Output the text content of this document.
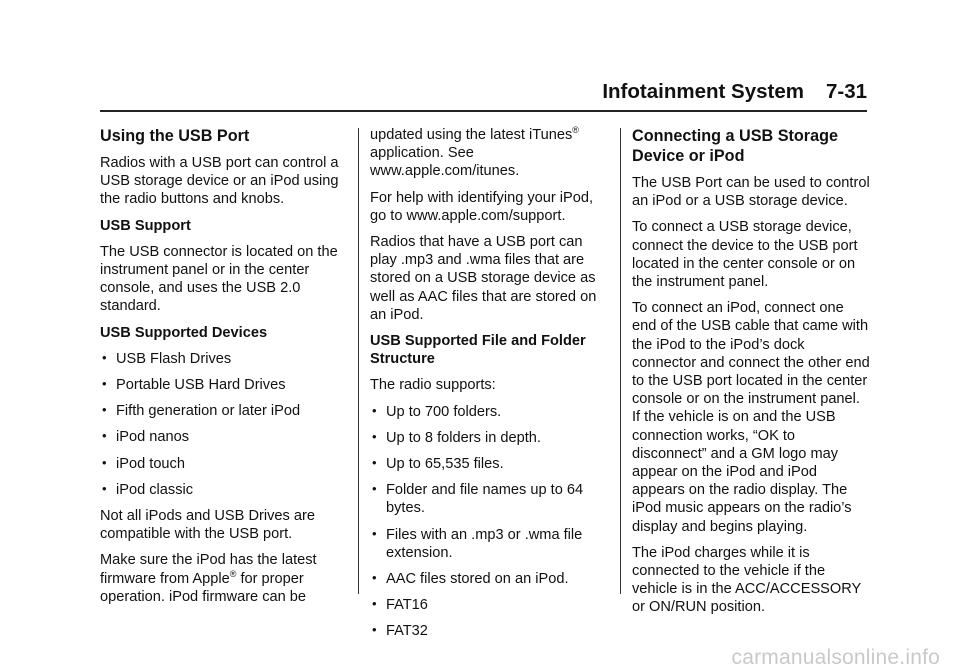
Infotainment System 7-31
Using the USB Port

Radios with a USB port can control a USB storage device or an iPod using the radio buttons and knobs.

USB Support

The USB connector is located on the instrument panel or in the center console, and uses the USB 2.0 standard.

USB Supported Devices

• USB Flash Drives
• Portable USB Hard Drives
• Fifth generation or later iPod
• iPod nanos
• iPod touch
• iPod classic

Not all iPods and USB Drives are compatible with the USB port.

Make sure the iPod has the latest firmware from Apple® for proper operation. iPod firmware can be

updated using the latest iTunes® application. See www.apple.com/itunes.

For help with identifying your iPod, go to www.apple.com/support.

Radios that have a USB port can play .mp3 and .wma files that are stored on a USB storage device as well as AAC files that are stored on an iPod.

USB Supported File and Folder Structure

The radio supports:

• Up to 700 folders.
• Up to 8 folders in depth.
• Up to 65,535 files.
• Folder and file names up to 64 bytes.
• Files with an .mp3 or .wma file extension.
• AAC files stored on an iPod.
• FAT16
• FAT32
Connecting a USB Storage Device or iPod

The USB Port can be used to control an iPod or a USB storage device.

To connect a USB storage device, connect the device to the USB port located in the center console or on the instrument panel.

To connect an iPod, connect one end of the USB cable that came with the iPod to the iPod’s dock connector and connect the other end to the USB port located in the center console or on the instrument panel. If the vehicle is on and the USB connection works, “OK to disconnect” and a GM logo may appear on the iPod and iPod appears on the radio display. The iPod music appears on the radio’s display and begins playing.

The iPod charges while it is connected to the vehicle if the vehicle is in the ACC/ACCESSORY or ON/RUN position.

carmanualsonline.info
